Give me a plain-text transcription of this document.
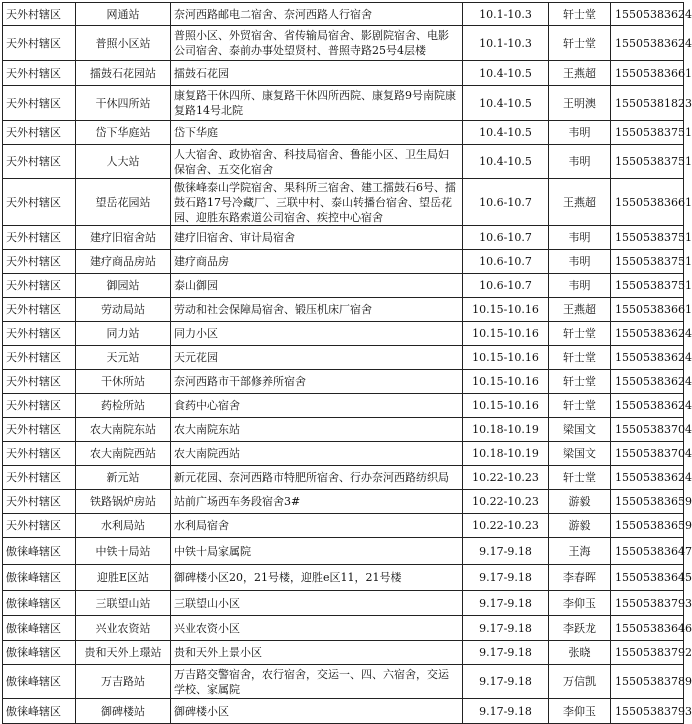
天外村辖区	网通站	奈河西路邮电二宿舍、奈河西路人行宿舍	10.1-10.3	轩士堂	15505383624
天外村辖区	普照小区站	普照小区、外贸宿舍、省传输局宿舍、影剧院宿舍、电影公司宿舍、泰前办事处望贤村、普照寺路25号4层楼	10.1-10.3	轩士堂	15505383624
天外村辖区	擂鼓石花园站	擂鼓石花园	10.4-10.5	王燕超	15505383661
天外村辖区	干休四所站	康复路干休四所、康复路干休四所西院、康复路9号南院康复路14号北院	10.4-10.5	王明澳	15505381823
天外村辖区	岱下华庭站	岱下华庭	10.4-10.5	韦明	15505383751
天外村辖区	人大站	人大宿舍、政协宿舍、科技局宿舍、鲁能小区、卫生局妇保宿舍、五交化宿舍	10.4-10.5	韦明	15505383751
天外村辖区	望岳花园站	傲徕峰泰山学院宿舍、果科所三宿舍、建工擂鼓石6号、擂鼓石路17号冷藏厂、三联中村、泰山转播台宿舍、望岳花园、迎胜东路索道公司宿舍、疾控中心宿舍	10.6-10.7	王燕超	15505383661
天外村辖区	建疗旧宿舍站	建疗旧宿舍、审计局宿舍	10.6-10.7	韦明	15505383751
天外村辖区	建疗商品房站	建疗商品房	10.6-10.7	韦明	15505383751
天外村辖区	御园站	泰山御园	10.6-10.7	韦明	15505383751
天外村辖区	劳动局站	劳动和社会保障局宿舍、锻压机床厂宿舍	10.15-10.16	王燕超	15505383661
天外村辖区	同力站	同力小区	10.15-10.16	轩士堂	15505383624
天外村辖区	天元站	天元花园	10.15-10.16	轩士堂	15505383624
天外村辖区	干休所站	奈河西路市干部修养所宿舍	10.15-10.16	轩士堂	15505383624
天外村辖区	药检所站	食药中心宿舍	10.15-10.16	轩士堂	15505383624
天外村辖区	农大南院东站	农大南院东站	10.18-10.19	梁国文	15505383704
天外村辖区	农大南院西站	农大南院西站	10.18-10.19	梁国文	15505383704
天外村辖区	新元站	新元花园、奈河西路市特肥所宿舍、行办奈河西路纺织局	10.22-10.23	轩士堂	15505383624
天外村辖区	铁路锅炉房站	站前广场西车务段宿舍3#	10.22-10.23	游毅	15505383659
天外村辖区	水利局站	水利局宿舍	10.22-10.23	游毅	15505383659
傲徕峰辖区	中铁十局站	中铁十局家属院	9.17-9.18	王海	15505383647
傲徕峰辖区	迎胜E区站	御碑楼小区20，21号楼，迎胜e区11，21号楼	9.17-9.18	李春晖	15505383645
傲徕峰辖区	三联望山站	三联望山小区	9.17-9.18	李仰玉	15505383793
傲徕峰辖区	兴业农资站	兴业农资小区	9.17-9.18	李跃龙	15505383646
傲徕峰辖区	贵和天外上璟站	贵和天外上景小区	9.17-9.18	张晓	15505383792
傲徕峰辖区	万吉路站	万吉路交警宿舍，农行宿舍，交运一、四、六宿舍，交运学校、家属院	9.17-9.18	万信凯	15505383789
傲徕峰辖区	御碑楼站	御碑楼小区	9.17-9.18	李仰玉	15505383793
